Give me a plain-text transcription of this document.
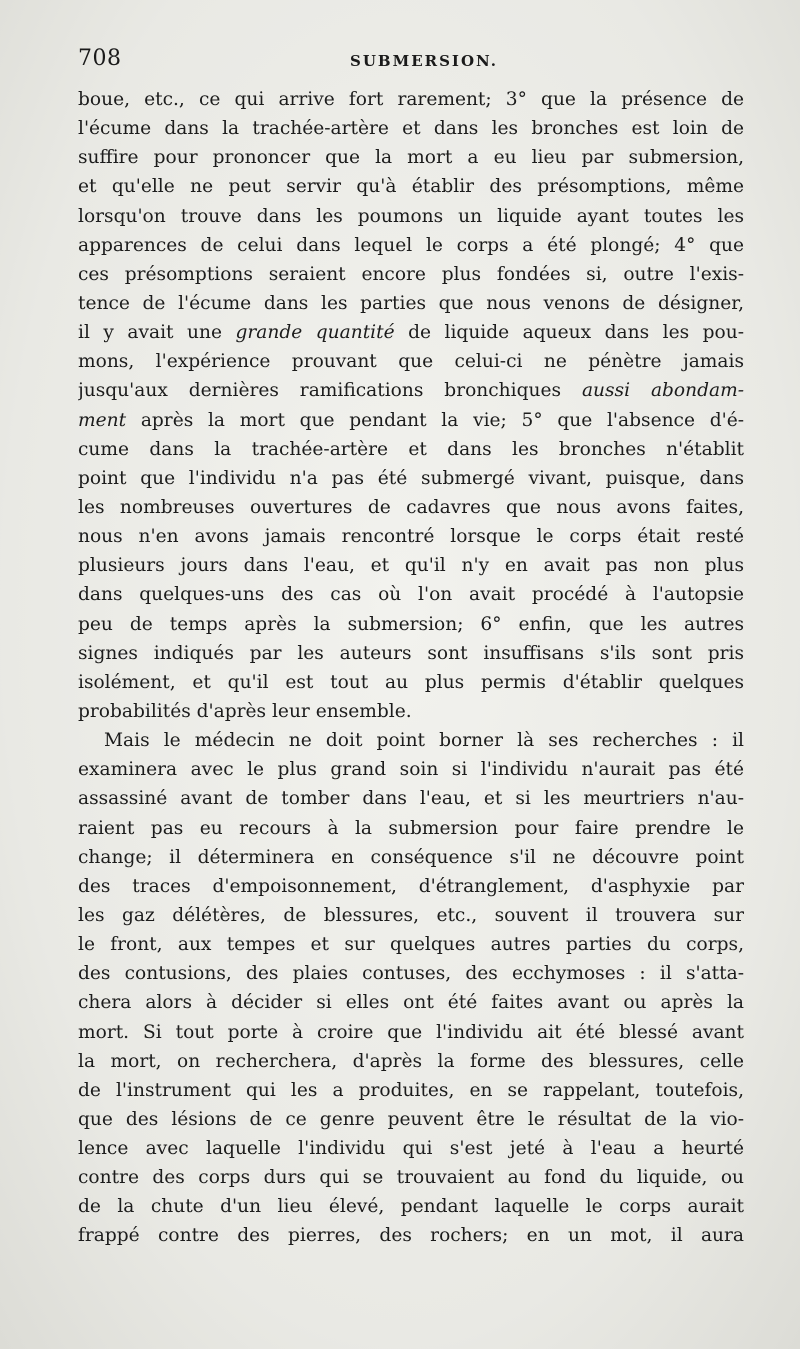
708	SUBMERSION.
boue, etc., ce qui arrive fort rarement; 3° que la présence de
l'écume dans la trachée-artère et dans les bronches est loin de
suffire pour prononcer que la mort a eu lieu par submersion,
et qu'elle ne peut servir qu'à établir des présomptions, même
lorsqu'on trouve dans les poumons un liquide ayant toutes les
apparences de celui dans lequel le corps a été plongé; 4° que
ces présomptions seraient encore plus fondées si, outre l'exis-
tence de l'écume dans les parties que nous venons de désigner,
il y avait une grande quantité de liquide aqueux dans les pou-
mons, l'expérience prouvant que celui-ci ne pénètre jamais
jusqu'aux dernières ramifications bronchiques aussi abondam-
ment après la mort que pendant la vie; 5° que l'absence d'é-
cume dans la trachée-artère et dans les bronches n'établit
point que l'individu n'a pas été submergé vivant, puisque, dans
les nombreuses ouvertures de cadavres que nous avons faites,
nous n'en avons jamais rencontré lorsque le corps était resté
plusieurs jours dans l'eau, et qu'il n'y en avait pas non plus
dans quelques-uns des cas où l'on avait procédé à l'autopsie
peu de temps après la submersion; 6° enfin, que les autres
signes indiqués par les auteurs sont insuffisans s'ils sont pris
isolément, et qu'il est tout au plus permis d'établir quelques
probabilités d'après leur ensemble.
Mais le médecin ne doit point borner là ses recherches : il
examinera avec le plus grand soin si l'individu n'aurait pas été
assassiné avant de tomber dans l'eau, et si les meurtriers n'au-
raient pas eu recours à la submersion pour faire prendre le
change; il déterminera en conséquence s'il ne découvre point
des traces d'empoisonnement, d'étranglement, d'asphyxie par
les gaz délétères, de blessures, etc., souvent il trouvera sur
le front, aux tempes et sur quelques autres parties du corps,
des contusions, des plaies contuses, des ecchymoses : il s'atta-
chera alors à décider si elles ont été faites avant ou après la
mort. Si tout porte à croire que l'individu ait été blessé avant
la mort, on recherchera, d'après la forme des blessures, celle
de l'instrument qui les a produites, en se rappelant, toutefois,
que des lésions de ce genre peuvent être le résultat de la vio-
lence avec laquelle l'individu qui s'est jeté à l'eau a heurté
contre des corps durs qui se trouvaient au fond du liquide, ou
de la chute d'un lieu élevé, pendant laquelle le corps aurait
frappé contre des pierres, des rochers; en un mot, il aura
